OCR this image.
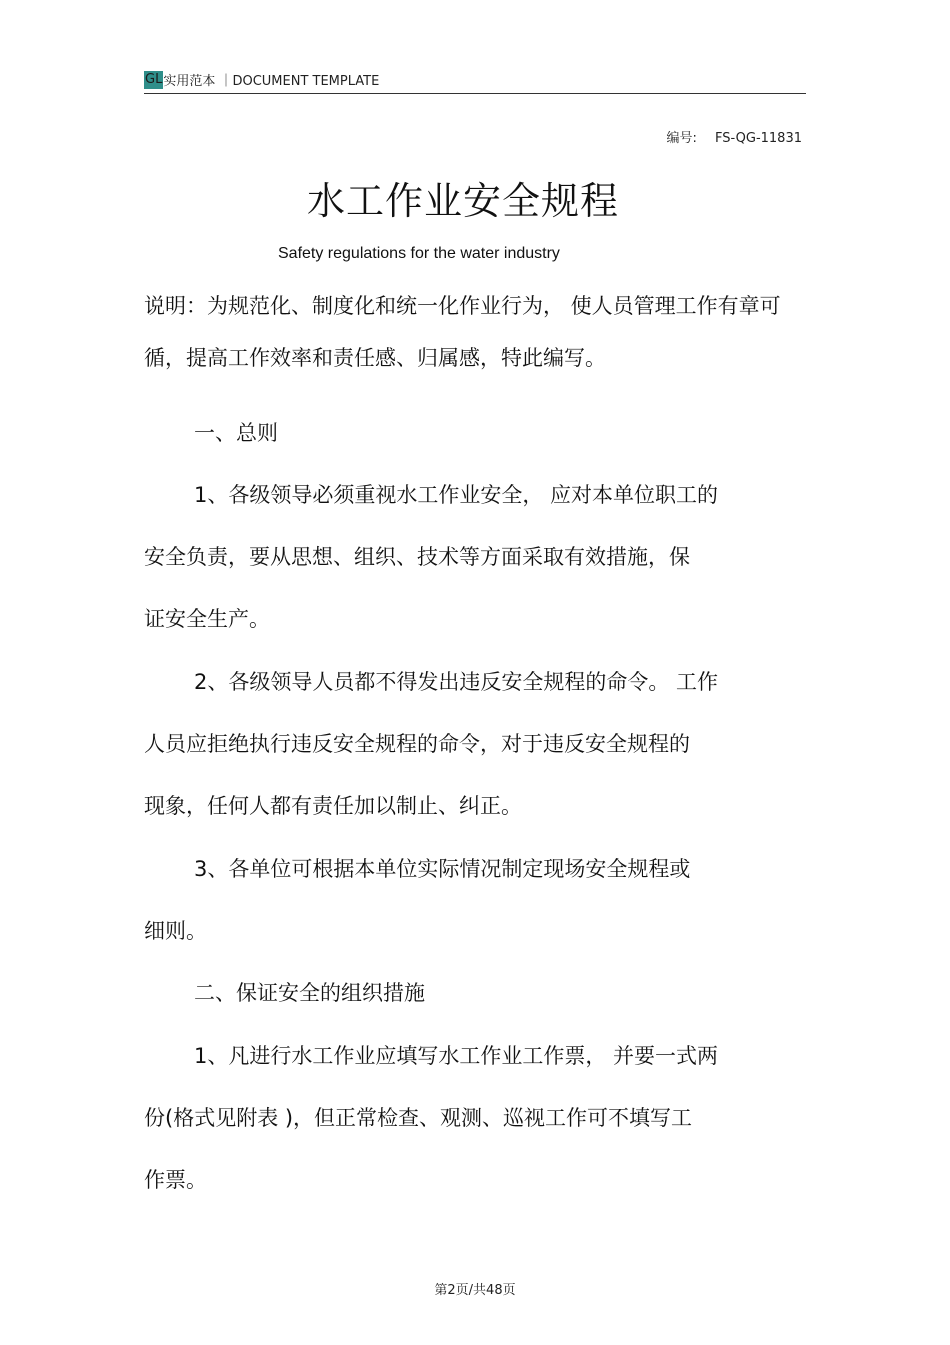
GL 实用范本 ｜DOCUMENT TEMPLATE
编号: FS-QG-11831
水工作业安全规程
Safety regulations for the water industry
说明：为规范化、制度化和统一化作业行为， 使人员管理工作有章可
循，提高工作效率和责任感、归属感，特此编写。
一、总则
1、各级领导必须重视水工作业安全， 应对本单位职工的
安全负责，要从思想、组织、技术等方面采取有效措施，保
证安全生产。
2、各级领导人员都不得发出违反安全规程的命令。 工作
人员应拒绝执行违反安全规程的命令，对于违反安全规程的
现象，任何人都有责任加以制止、纠正。
3、各单位可根据本单位实际情况制定现场安全规程或
细则。
二、保证安全的组织措施
1、凡进行水工作业应填写水工作业工作票， 并要一式两
份(格式见附表 )，但正常检查、观测、巡视工作可不填写工
作票。
第2页/共48页
